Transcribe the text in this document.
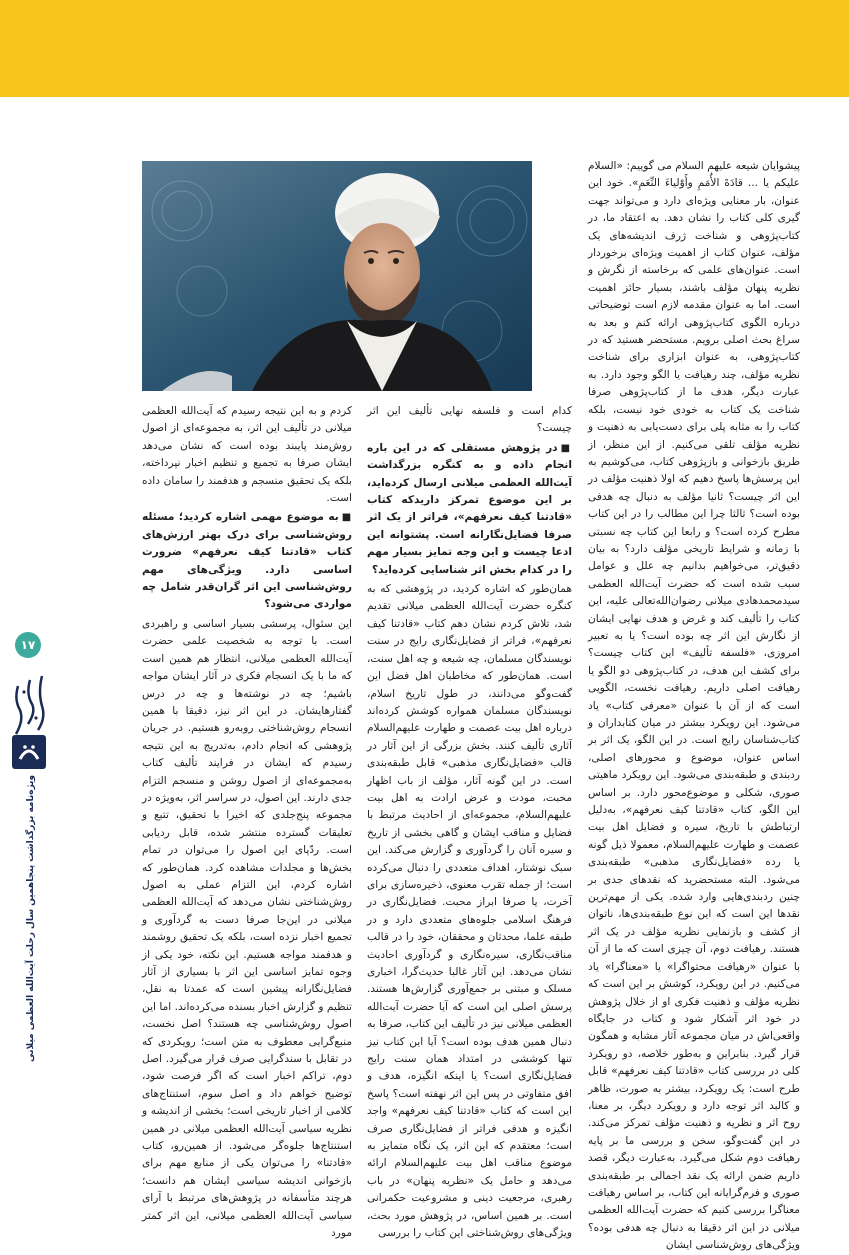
پیشوایان شیعه علیهم السلام می گوییم: «السلام علیکم یا ... قادَةَ الأُمَمِ وأَوْلیاءَ النِّعَمِ». خود این عنوان، بار معنایی ویژه‌ای دارد و می‌تواند جهت گیری کلی کتاب را نشان دهد. به اعتقاد ما، در کتاب‌پژوهی و شناخت ژرف اندیشه‌های یک مؤلف، عنوان کتاب از اهمیت ویژه‌ای برخوردار است. عنوان‌های علمی که برخاسته از نگرش و نظریه پنهان مؤلف باشند، بسیار حائز اهمیت است. اما به عنوان مقدمه لازم است توضیحاتی درباره الگوی کتاب‌پژوهی ارائه کنم و بعد به سراغ بحث اصلی برویم. مستحضر هستید که در کتاب‌پژوهی، به عنوان ابزاری برای شناخت نظریه مؤلف، چند رهیافت یا الگو وجود دارد. به عبارت دیگر، هدف ما از کتاب‌پژوهی صرفا شناخت یک کتاب به خودی خود نیست، بلکه کتاب را به مثابه پلی برای دست‌یابی به ذهنیت و نظریه مؤلف تلقی می‌کنیم. از این منظر، از طریق بازخوانی و بازپژوهی کتاب، می‌کوشیم به این پرسش‌ها پاسخ دهیم که اولا ذهنیت مؤلف در این اثر چیست؟ ثانیا مؤلف به دنبال چه هدفی بوده است؟ ثالثا چرا این مطالب را در این کتاب مطرح کرده است؟ و رابعا این کتاب چه نسبتی با زمانه و شرایط تاریخی مؤلف دارد؟ به بیان دقیق‌تر، می‌خواهیم بدانیم چه علل و عوامل سبب شده است که حضرت آیت‌الله العظمی سیدمحمدهادی میلانی رضوان‌الله‌تعالی علیه، این کتاب را تألیف کند و غرض و هدف نهایی ایشان از نگارش این اثر چه بوده است؟ یا به تعبیر امروزی، «فلسفه تألیف» این کتاب چیست؟ برای کشف این هدف، در کتاب‌پژوهی دو الگو یا رهیافت اصلی داریم. رهیافت نخست، الگویی است که از آن با عنوان «معرفی کتاب» یاد می‌شود. این رویکرد بیشتر در میان کتابداران و کتاب‌شناسان رایج است. در این الگو، یک اثر بر اساس عنوان، موضوع و محورهای اصلی، ردبندی و طبقه‌بندی می‌شود. این رویکرد ماهیتی صوری، شکلی و موضوع‌محور دارد. بر اساس این الگو، کتاب «قادتنا کیف نعرفهم»، به‌دلیل ارتباطش با تاریخ، سیره و فضایل اهل بیت عصمت و طهارت علیهم‌السلام، معمولا ذیل گونه یا رده «فضایل‌نگاری مذهبی» طبقه‌بندی می‌شود. البته مستحضرید که نقدهای جدی بر چنین ردبندی‌هایی وارد شده. یکی از مهم‌ترین نقدها این است که این نوع طبقه‌بندی‌ها، ناتوان از کشف و بازنمایی نظریه مؤلف در یک اثر هستند. رهیافت دوم، آن چیزی است که ما از آن با عنوان «رهیافت محتواگرا» یا «معناگرا» یاد می‌کنیم. در این رویکرد، کوشش بر این است که نظریه مؤلف و ذهنیت فکری او از خلال پژوهش در خود اثر آشکار شود و کتاب در جایگاه واقعی‌اش در میان مجموعه آثار مشابه و همگون قرار گیرد. بنابراین و به‌طور خلاصه، دو رویکرد کلی در بررسی کتاب «قادتنا کیف نعرفهم» قابل طرح است: یک رویکرد، بیشتر به صورت، ظاهر و کالبد اثر توجه دارد و رویکرد دیگر، بر معنا، روح اثر و نظریه و ذهنیت مؤلف تمرکز می‌کند. در این گفت‌وگو، سخن و بررسی ما بر پایه رهیافت دوم شکل می‌گیرد. به‌عبارت دیگر، قصد داریم ضمن ارائه یک نقد اجمالی بر طبقه‌بندی صوری و فرم‌گرایانه این کتاب، بر اساس رهیافت معناگرا بررسی کنیم که حضرت آیت‌الله العظمی میلانی در این اثر دقیقا به دنبال چه هدفی بوده؟ ویژگی‌های روش‌شناسی ایشان

کدام است و فلسفه نهایی تألیف این اثر چیست؟

■در پژوهش مستقلی که در این باره انجام داده و به کنگره بزرگداشت آیت‌الله العظمی میلانی ارسال کرده‌اید، بر این موضوع تمرکز داریدکه کتاب «قادتنا کیف نعرفهم»، فراتر از یک اثر صرفا فضایل‌نگارانه است. پشتوانه این ادعا چیست و این وجه تمایز بسیار مهم را در کدام بخش اثر شناسایی کرده‌اید؟

همان‌طور که اشاره کردید، در پژوهشی که به کنگره حضرت آیت‌الله العظمی میلانی تقدیم شد، تلاش کردم نشان دهم کتاب «قادتنا کیف نعرفهم»، فراتر از فضایل‌نگاری رایج در سنت نویسندگان مسلمان، چه شیعه و چه اهل سنت، است. همان‌طور که مخاطبان اهل فضل این گفت‌وگو می‌دانند، در طول تاریخ اسلام، نویسندگان مسلمان همواره کوشش کرده‌اند درباره اهل بیت عصمت و طهارت علیهم‌السلام آثاری تألیف کنند. بخش بزرگی از این آثار در قالب «فضایل‌نگاری مذهبی» قابل طبقه‌بندی است. در این گونه آثار، مؤلف از باب اظهار محبت، مودت و عرض ارادت به اهل بیت علیهم‌السلام، مجموعه‌ای از احادیث مرتبط با فضایل و مناقب ایشان و گاهی بخشی از تاریخ و سیره آنان را گردآوری و گزارش می‌کند. این سبک نوشتار، اهداف متعددی را دنبال می‌کرده است؛ از جمله تقرب معنوی، ذخیره‌سازی برای آخرت، یا صرفا ابراز محبت. فضایل‌نگاری در فرهنگ اسلامی جلوه‌های متعددی دارد و در طبقه علما، محدثان و محققان، خود را در قالب مناقب‌نگاری، سیره‌نگاری و گردآوری احادیث نشان می‌دهد. این آثار غالبا حدیث‌گرا، اخباری مسلک و مبتنی بر جمع‌آوری گزارش‌ها هستند. پرسش اصلی این است که آیا حضرت آیت‌الله العظمی میلانی نیز در تألیف این کتاب، صرفا به دنبال همین هدف بوده است؟ آیا این کتاب نیز تنها کوششی در امتداد همان سنت رایج فضایل‌نگاری است؟ یا اینکه انگیزه، هدف و افق متفاوتی در پس این اثر نهفته است؟ پاسخ این است که کتاب «قادتنا کیف نعرفهم» واجد انگیزه و هدفی فراتر از فضایل‌نگاری صرف است؛ معتقدم که این اثر، یک نگاه متمایز به موضوع مناقب اهل بیت علیهم‌السلام ارائه می‌دهد و حامل یک «نظریه پنهان» در باب رهبری، مرجعیت دینی و مشروعیت حکمرانی است. بر همین اساس، در پژوهش مورد بحث، ویژگی‌های روش‌شناختی این کتاب را بررسی

کردم و به این نتیجه رسیدم که آیت‌الله العظمی میلانی در تألیف این اثر، به مجموعه‌ای از اصول روش‌مند پایبند بوده است که نشان می‌دهد ایشان صرفا به تجمیع و تنظیم اخبار نپرداخته، بلکه یک تحقیق منسجم و هدفمند را سامان داده است.

■به موضوع مهمی اشاره کردید؛ مسئله روش‌شناسی برای درک بهتر ارزش‌های کتاب «قادتنا کیف نعرفهم» ضرورت اساسی دارد. ویژگی‌های مهم روش‌شناسی این اثر گران‌قدر شامل چه مواردی می‌شود؟

این سئوال، پرسشی بسیار اساسی و راهبردی است. با توجه به شخصیت علمی حضرت آیت‌الله العظمی میلانی، انتظار هم همین است که ما با یک انسجام فکری در آثار ایشان مواجه باشیم؛ چه در نوشته‌ها و چه در درس گفتارهایشان. در این اثر نیز، دقیقا با همین انسجام روش‌شناختی روبه‌رو هستیم. در جریان پژوهشی که انجام دادم، به‌تدریج به این نتیجه رسیدم که ایشان در فرایند تألیف کتاب به‌مجموعه‌ای از اصول روشن و منسجم التزام جدی دارند. این اصول، در سراسر اثر، به‌ویژه در مجموعه پنج‌جلدی که اخیرا با تحقیق، تتبع و تعلیقات گسترده منتشر شده، قابل ردیابی است. ردّپای این اصول را می‌توان در تمام بخش‌ها و مجلدات مشاهده کرد. همان‌طور که اشاره کردم، این التزام عملی به اصول روش‌شناختی نشان می‌دهد که آیت‌الله العظمی میلانی در این‌جا صرفا دست به گردآوری و تجمیع اخبار نزده است، بلکه یک تحقیق روشمند و هدفمند مواجه هستیم. این نکته، خود یکی از وجوه تمایز اساسی این اثر با بسیاری از آثار فضایل‌نگارانه پیشین است که عمدتا به نقل، تنظیم و گزارش اخبار بسنده می‌کرده‌اند. اما این اصول روش‌شناسی چه هستند؟ اصل نخست، منبع‌گرایی معطوف به متن است؛ رویکردی که در تقابل با سندگرایی صرف قرار می‌گیرد. اصل دوم، تراکم اخبار است که اگر فرصت شود، توضیح خواهم داد و اصل سوم، استنتاج‌های کلامی از اخبار تاریخی است؛ بخشی از اندیشه و نظریه سیاسی آیت‌الله العظمی میلانی در همین استنتاج‌ها جلوه‌گر می‌شود. از همین‌رو، کتاب «قادتنا» را می‌توان یکی از منابع مهم برای بازخوانی اندیشه سیاسی ایشان هم دانست؛ هرچند متأسفانه در پژوهش‌های مرتبط با آرای سیاسی آیت‌الله العظمی میلانی، این اثر کمتر مورد

۱۷
ویژه‌نامه بزرگداشت پنجاهمین سال رحلت آیت‌الله العظمی میلانی
